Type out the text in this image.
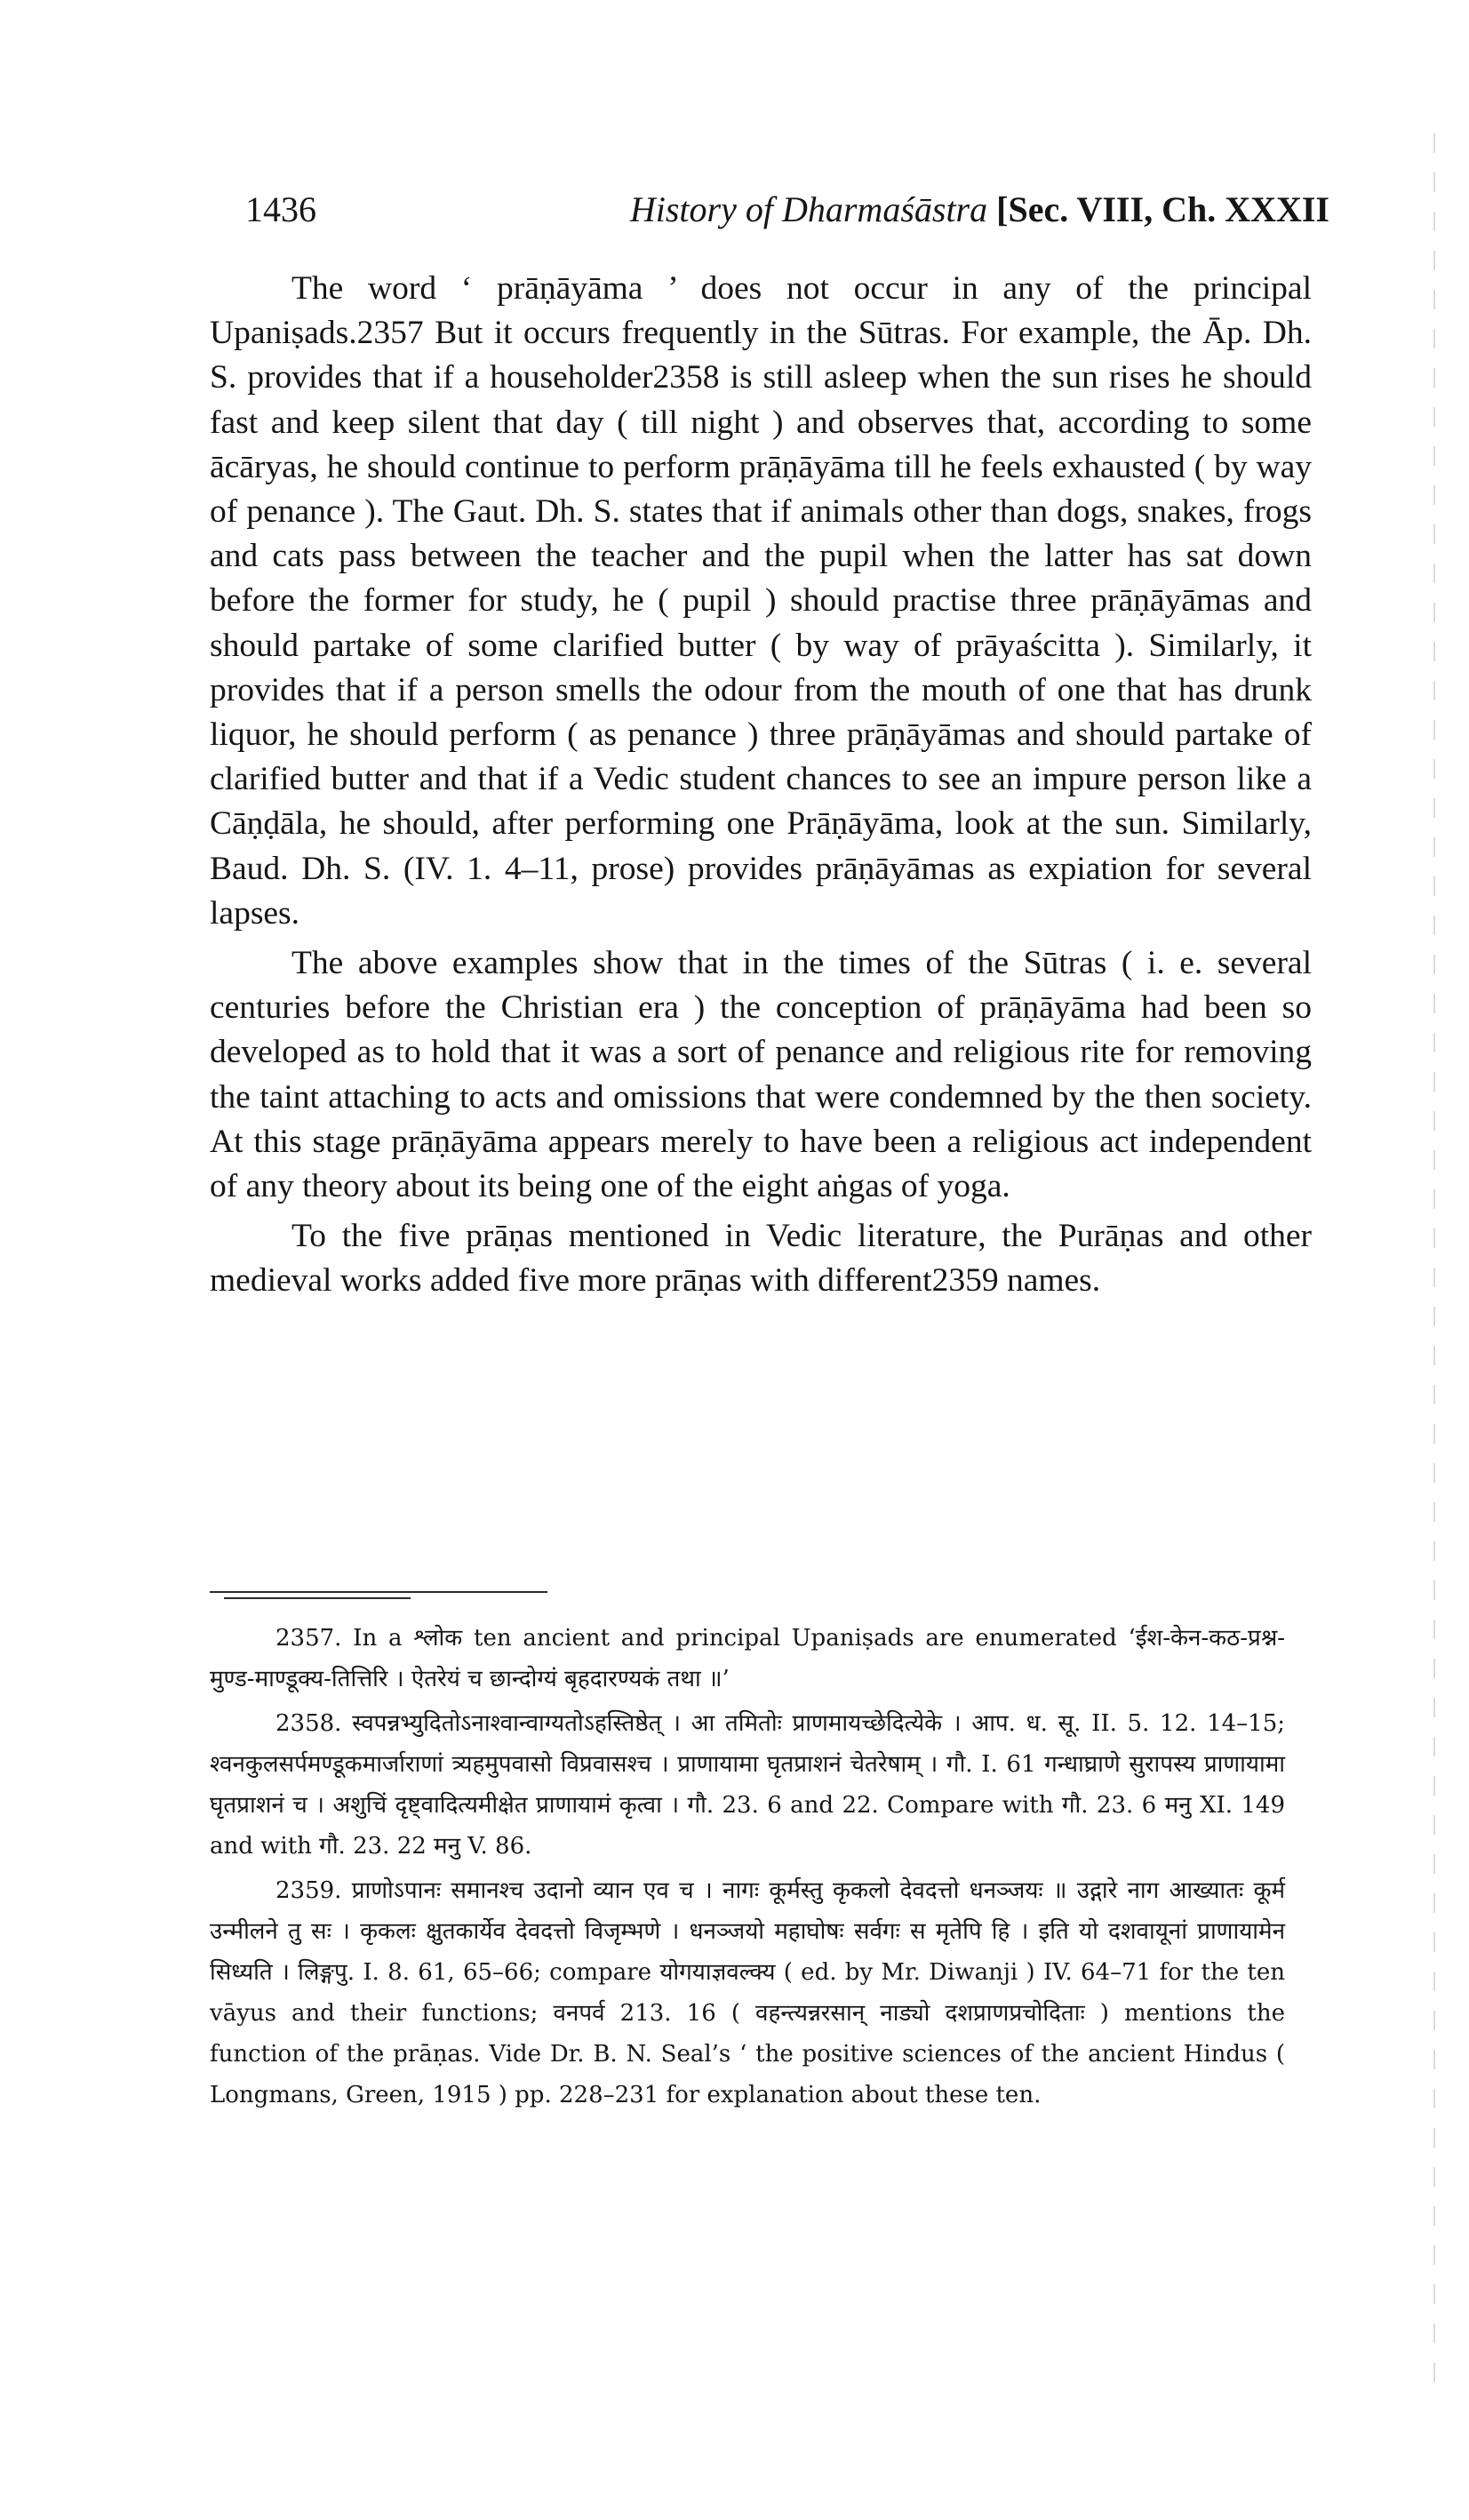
1436	History of Dharmaśāstra [Sec. VIII, Ch. XXXII

The word ‘ prāṇāyāma ’ does not occur in any of the principal Upaniṣads.2357 But it occurs frequently in the Sūtras. For example, the Āp. Dh. S. provides that if a householder2358 is still asleep when the sun rises he should fast and keep silent that day ( till night ) and observes that, according to some ācāryas, he should continue to perform prāṇāyāma till he feels exhausted ( by way of penance ). The Gaut. Dh. S. states that if animals other than dogs, snakes, frogs and cats pass between the teacher and the pupil when the latter has sat down before the former for study, he ( pupil ) should practise three prāṇāyāmas and should partake of some clarified butter ( by way of prāyaścitta ). Similarly, it provides that if a person smells the odour from the mouth of one that has drunk liquor, he should perform ( as penance ) three prāṇāyāmas and should partake of clarified butter and that if a Vedic student chances to see an impure person like a Cāṇḍāla, he should, after performing one Prāṇāyāma, look at the sun. Similarly, Baud. Dh. S. (IV. 1. 4–11, prose) provides prāṇāyāmas as expiation for several lapses.

The above examples show that in the times of the Sūtras ( i. e. several centuries before the Christian era ) the conception of prāṇāyāma had been so developed as to hold that it was a sort of penance and religious rite for removing the taint attaching to acts and omissions that were condemned by the then society. At this stage prāṇāyāma appears merely to have been a religious act independent of any theory about its being one of the eight aṅgas of yoga.

To the five prāṇas mentioned in Vedic literature, the Purāṇas and other medieval works added five more prāṇas with different2359 names.

2357. In a श्लोक ten ancient and principal Upaniṣads are enumerated ‘ईश-केन-कठ-प्रश्न-मुण्ड-माण्डूक्य-तित्तिरि । ऐतरेयं च छान्दोग्यं बृहदारण्यकं तथा ॥’

2358. स्वपन्नभ्युदितोऽनाश्वान्वाग्यतोऽहस्तिष्ठेत् । आ तमितोः प्राणमायच्छेदित्येके । आप. ध. सू. II. 5. 12. 14–15; श्वनकुलसर्पमण्डूकमार्जाराणां त्र्यहमुपवासो विप्रवासश्च । प्राणायामा घृतप्राशनं चेतरेषाम् । गौ. I. 61 गन्धाघ्राणे सुरापस्य प्राणायामा घृतप्राशनं च । अशुचिं दृष्ट्वादित्यमीक्षेत प्राणायामं कृत्वा । गौ. 23. 6 and 22. Compare with गौ. 23. 6 मनु XI. 149 and with गौ. 23. 22 मनु V. 86.

2359. प्राणोऽपानः समानश्च उदानो व्यान एव च । नागः कूर्मस्तु कृकलो देवदत्तो धनञ्जयः ॥ उद्गारे नाग आख्यातः कूर्म उन्मीलने तु सः । कृकलः क्षुतकार्येव देवदत्तो विजृम्भणे । धनञ्जयो महाघोषः सर्वगः स मृतेपि हि । इति यो दशवायूनां प्राणायामेन सिध्यति । लिङ्गपु. I. 8. 61, 65–66; compare योगयाज्ञवल्क्य ( ed. by Mr. Diwanji ) IV. 64–71 for the ten vāyus and their functions; वनपर्व 213. 16 ( वहन्त्यन्नरसान् नाड्यो दशप्राणप्रचोदिताः ) mentions the function of the prāṇas. Vide Dr. B. N. Seal’s ‘ the positive sciences of the ancient Hindus ( Longmans, Green, 1915 ) pp. 228–231 for explanation about these ten.
